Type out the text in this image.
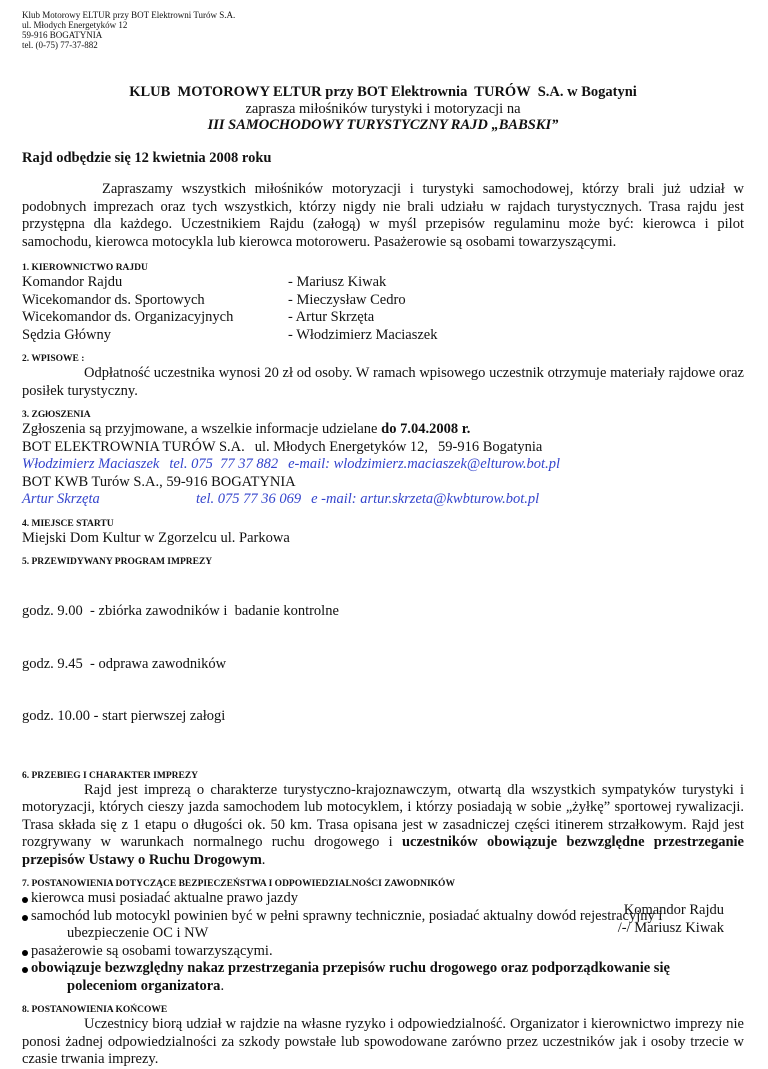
Klub Motorowy ELTUR przy BOT Elektrowni Turów S.A.
ul. Młodych Energetyków 12
59-916 BOGATYNIA
tel. (0-75) 77-37-882
KLUB  MOTOROWY ELTUR przy BOT Elektrownia  TURÓW  S.A. w Bogatyni
zaprasza miłośników turystyki i motoryzacji na
III SAMOCHODOWY TURYSTYCZNY RAJD „BABSKI”
Rajd odbędzie się 12 kwietnia 2008 roku

Zapraszamy wszystkich miłośników motoryzacji i turystyki samochodowej, którzy brali już udział w podobnych imprezach oraz tych wszystkich, którzy nigdy nie brali udziału w rajdach turystycznych. Trasa rajdu jest przystępna dla każdego. Uczestnikiem Rajdu (załogą) w myśl przepisów regulaminu może być: kierowca i pilot samochodu, kierowca motocykla lub kierowca motoroweru. Pasażerowie są osobami towarzyszącymi.

1. KIEROWNICTWO RAJDU
Komandor Rajdu
Wicekomandor ds. Sportowych
Wicekomandor ds. Organizacyjnych
Sędzia Główny
- Mariusz Kiwak
- Mieczysław Cedro
- Artur Skrzęta
- Włodzimierz Maciaszek
2. WPISOWE :

Odpłatność uczestnika wynosi 20 zł od osoby. W ramach wpisowego uczestnik otrzymuje materiały rajdowe oraz posiłek turystyczny.

3. ZGłOSZENIA
Zgłoszenia są przyjmowane, a wszelkie informacje udzielane do 7.04.2008 r.
BOT ELEKTROWNIA TURÓW S.A. ul. Młodych Energetyków 12, 59-916 Bogatynia
Włodzimierz Maciaszek tel. 075  77 37 882 e-mail: wlodzimierz.maciaszek@elturow.bot.pl
BOT KWB Turów S.A., 59-916 BOGATYNIA
Artur Skrzęta	tel. 075 77 36 069 e -mail: artur.skrzeta@kwbturow.bot.pl
4. MIEJSCE STARTU
Miejski Dom Kultur w Zgorzelcu ul. Parkowa
5. PRZEWIDYWANY PROGRAM IMPREZY

godz. 9.00  - zbiórka zawodników i  badanie kontrolne

godz. 9.45  - odprawa zawodników

godz. 10.00 - start pierwszej załogi

6. PRZEBIEG I CHARAKTER IMPREZY

Rajd jest imprezą o charakterze turystyczno-krajoznawczym, otwartą dla wszystkich sympatyków turystyki i motoryzacji, których cieszy jazda samochodem lub motocyklem, i którzy posiadają w sobie „żyłkę” sportowej rywalizacji. Trasa składa się z 1 etapu o długości ok. 50 km. Trasa opisana jest w zasadniczej części itinerem strzałkowym. Rajd jest rozgrywany w warunkach normalnego ruchu drogowego i uczestników obowiązuje bezwzględne przestrzeganie przepisów Ustawy o Ruchu Drogowym.

7. POSTANOWIENIA DOTYCZĄCE BEZPIECZEŃSTWA I ODPOWIEDZIALNOŚCI ZAWODNIKÓW
kierowca musi posiadać aktualne prawo jazdy
samochód lub motocykl powinien być w pełni sprawny technicznie, posiadać aktualny dowód rejestracyjny i
ubezpieczenie OC i NW
pasażerowie są osobami towarzyszącymi.
obowiązuje bezwzględny nakaz przestrzegania przepisów ruchu drogowego oraz podporządkowanie się
poleceniom organizatora.
8. POSTANOWIENIA KOŃCOWE

Uczestnicy biorą udział w rajdzie na własne ryzyko i odpowiedzialność. Organizator i kierownictwo imprezy nie ponosi żadnej odpowiedzialności za szkody powstałe lub spowodowane zarówno przez uczestników jak i osoby trzecie w czasie trwania imprezy.

Komandor Rajdu
/-/ Mariusz Kiwak
